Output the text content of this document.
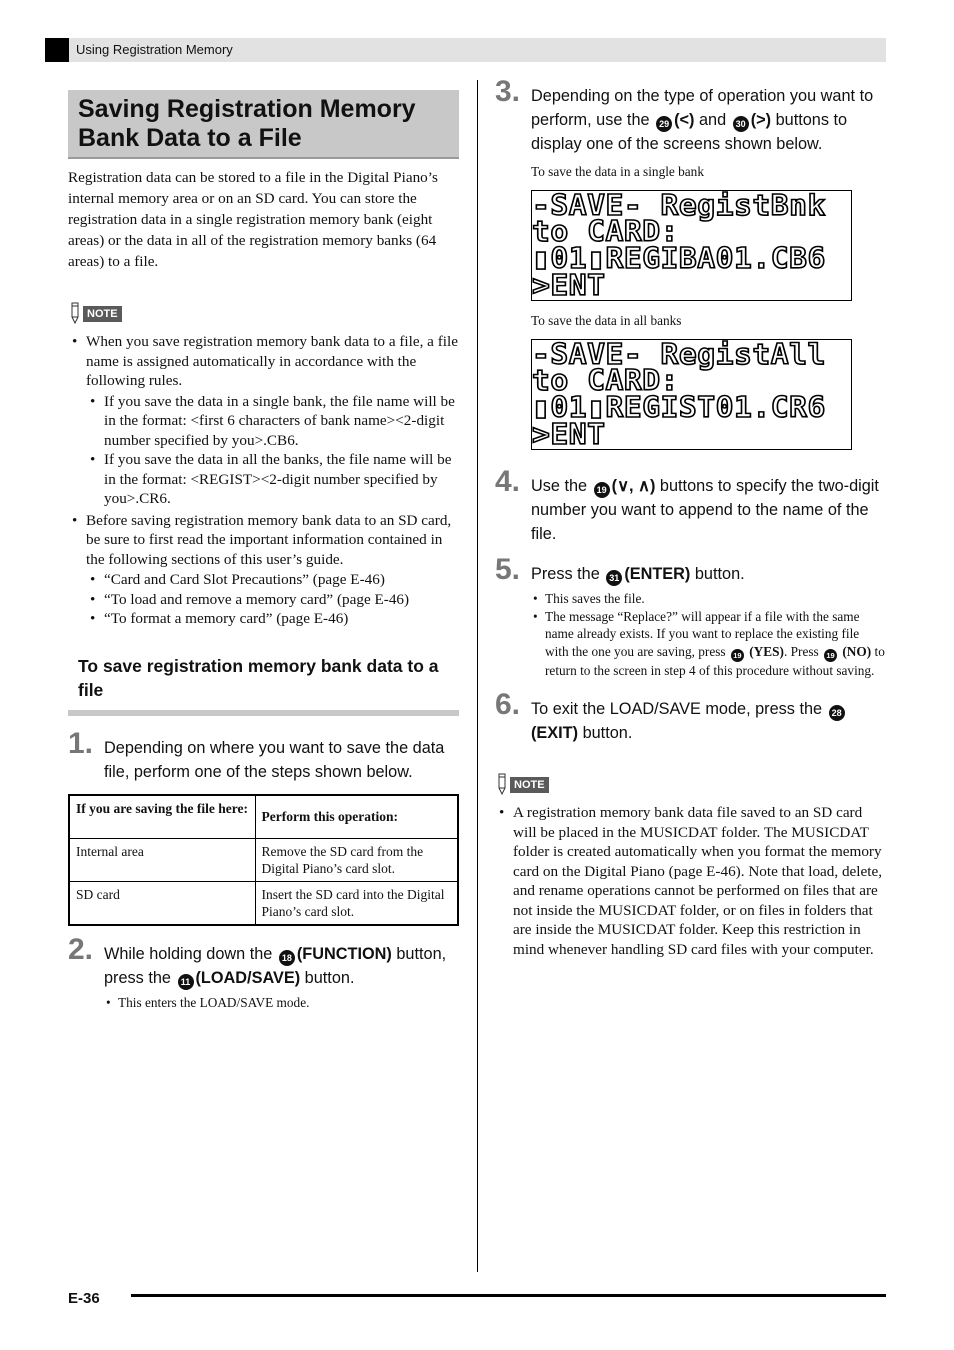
Using Registration Memory
Saving Registration Memory Bank Data to a File

Registration data can be stored to a file in the Digital Piano’s internal memory area or on an SD card. You can store the registration data in a single registration memory bank (eight areas) or the data in all of the registration memory banks (64 areas) to a file.

NOTE
• When you save registration memory bank data to a file, a file name is assigned automatically in accordance with the following rules.
• If you save the data in a single bank, the file name will be in the format: <first 6 characters of bank name><2-digit number specified by you>.CB6.
• If you save the data in all the banks, the file name will be in the format: <REGIST><2-digit number specified by you>.CR6.
• Before saving registration memory bank data to an SD card, be sure to first read the important information contained in the following sections of this user’s guide.
• “Card and Card Slot Precautions” (page E-46)
• “To load and remove a memory card” (page E-46)
• “To format a memory card” (page E-46)
To save registration memory bank data to a file
1. Depending on where you want to save the data file, perform one of the steps shown below.
If you are saving the file here:	Perform this operation:
Internal area	Remove the SD card from the Digital Piano’s card slot.
SD card	Insert the SD card into the Digital Piano’s card slot.
2. While holding down the 18 (FUNCTION) button, press the 11 (LOAD/SAVE) button.
• This enters the LOAD/SAVE mode.
3. Depending on the type of operation you want to perform, use the 29 (<) and 30 (>) buttons to display one of the screens shown below.

To save the data in a single bank

-SAVE- RegistBnk
to CARD:
▮01▮REGIBA01.CB6
>ENT

To save the data in all banks

-SAVE- RegistAll
to CARD:
▮01▮REGIST01.CR6
>ENT
4. Use the 19 (∨, ∧) buttons to specify the two-digit number you want to append to the name of the file.
5. Press the 31 (ENTER) button.
• This saves the file.
• The message “Replace?” will appear if a file with the same name already exists. If you want to replace the existing file with the one you are saving, press 19 (YES). Press 19 (NO) to return to the screen in step 4 of this procedure without saving.
6. To exit the LOAD/SAVE mode, press the 28(EXIT) button.
NOTE
• A registration memory bank data file saved to an SD card will be placed in the MUSICDAT folder. The MUSICDAT folder is created automatically when you format the memory card on the Digital Piano (page E-46). Note that load, delete, and rename operations cannot be performed on files that are not inside the MUSICDAT folder, or on files in folders that are inside the MUSICDAT folder. Keep this restriction in mind whenever handling SD card files with your computer.
E-36
